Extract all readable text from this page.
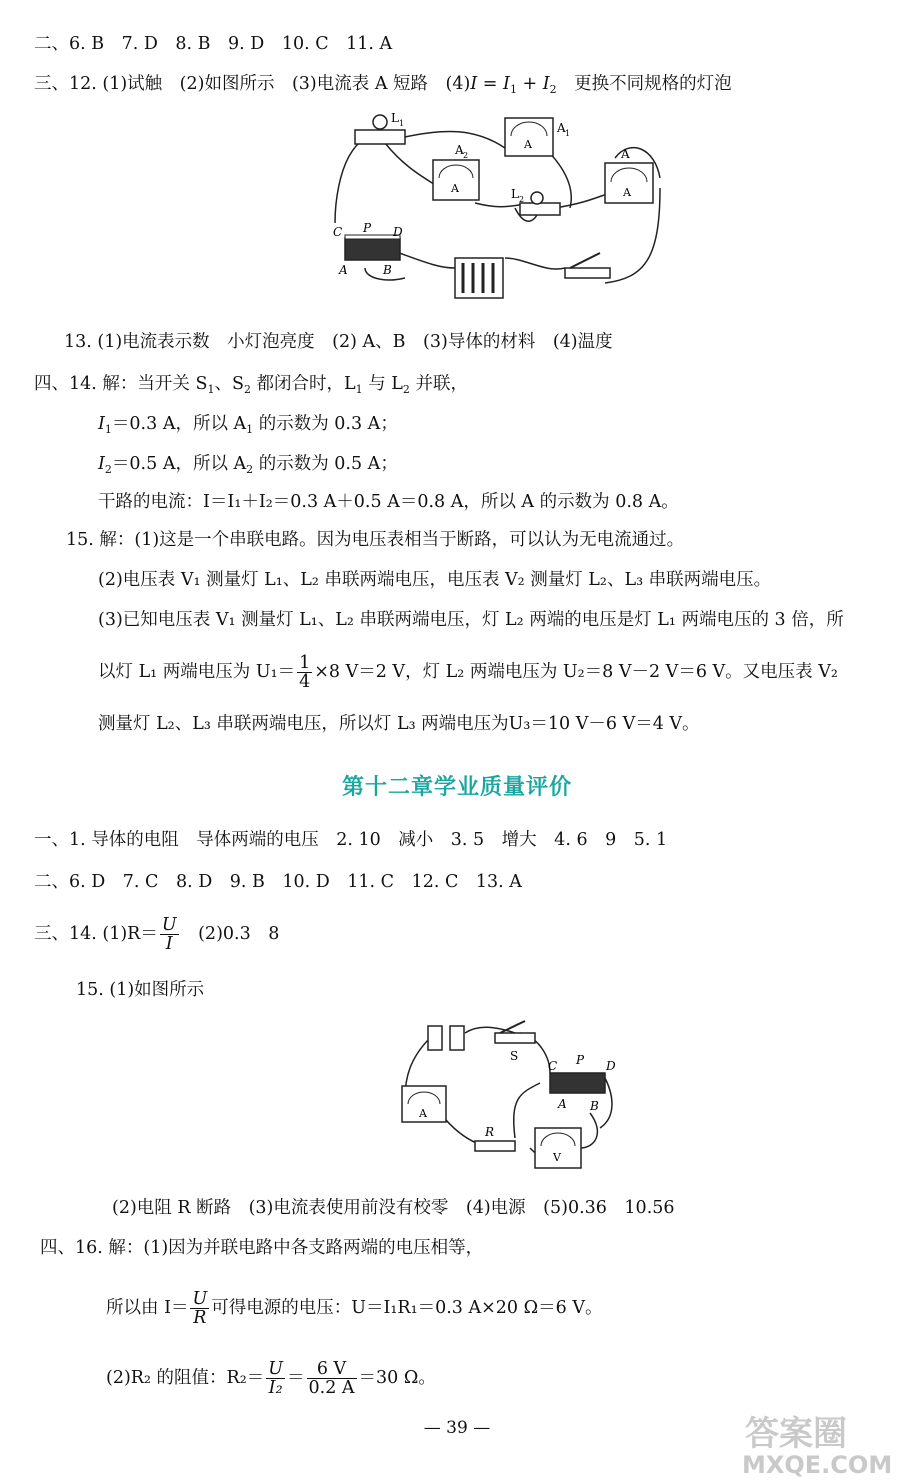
二、6. B　7. D　8. B　9. D　10. C　11. A
三、12. (1)试触　(2)如图所示　(3)电流表 A 短路　$(4)I = I_1 + I_2$　更换不同规格的灯泡
L 1
A
A 1
A
A 2
A
A
L 2
C P D
A	B
13. (1)电流表示数　小灯泡亮度　(2) A、B　(3)导体的材料　(4)温度
四、14. 解：当开关 $S_1$、$S_2$ 都闭合时，$L_1$ 与 $L_2$ 并联，
$I_1=0.3$ A，所以 $A_1$ 的示数为 0.3 A；
$I_2=0.5$ A，所以 $A_2$ 的示数为 0.5 A；
干路的电流：I＝I₁＋I₂＝0.3 A＋0.5 A＝0.8 A，所以 A 的示数为 0.8 A。
15. 解：(1)这是一个串联电路。因为电压表相当于断路，可以认为无电流通过。
(2)电压表 V₁ 测量灯 L₁、L₂ 串联两端电压，电压表 V₂ 测量灯 L₂、L₃ 串联两端电压。
(3)已知电压表 V₁ 测量灯 L₁、L₂ 串联两端电压，灯 L₂ 两端的电压是灯 L₁ 两端电压的 3 倍，所
以灯 L₁ 两端电压为 $U_1= \frac{1}{4} \times 8$ V＝2 V，灯 L₂ 两端电压为 U₂＝8 V－2 V＝6 V。又电压表 V₂
测量灯 L₂、L₃ 串联两端电压，所以灯 L₃ 两端电压为U₃＝10 V－6 V＝4 V。
第十二章学业质量评价
一、1. 导体的电阻　导体两端的电压　2. 10　减小　3. 5　增大　4. 6　9　5. 1
二、6. D　7. C　8. D　9. B　10. D　11. C　12. C　13. A
三、14. $(1)R= \frac{U}{I}$ 　(2)0.3　8
15. (1)如图所示
S
C P D
A B
A
R
V
(2)电阻 R 断路　(3)电流表使用前没有校零　(4)电源　(5)0.36　10.56
四、16. 解：(1)因为并联电路中各支路两端的电压相等，
所以由 $I= \frac{U}{R}$ 可得电源的电压：U＝I₁R₁＝0.3 A×20 Ω＝6 V。
(2)R₂ 的阻值：$R_2= \frac{U}{\text{I₂}} = \frac{6 V}{0.2 A} =30$ Ω。
— 39 —	答案圈
MXQE.COM
